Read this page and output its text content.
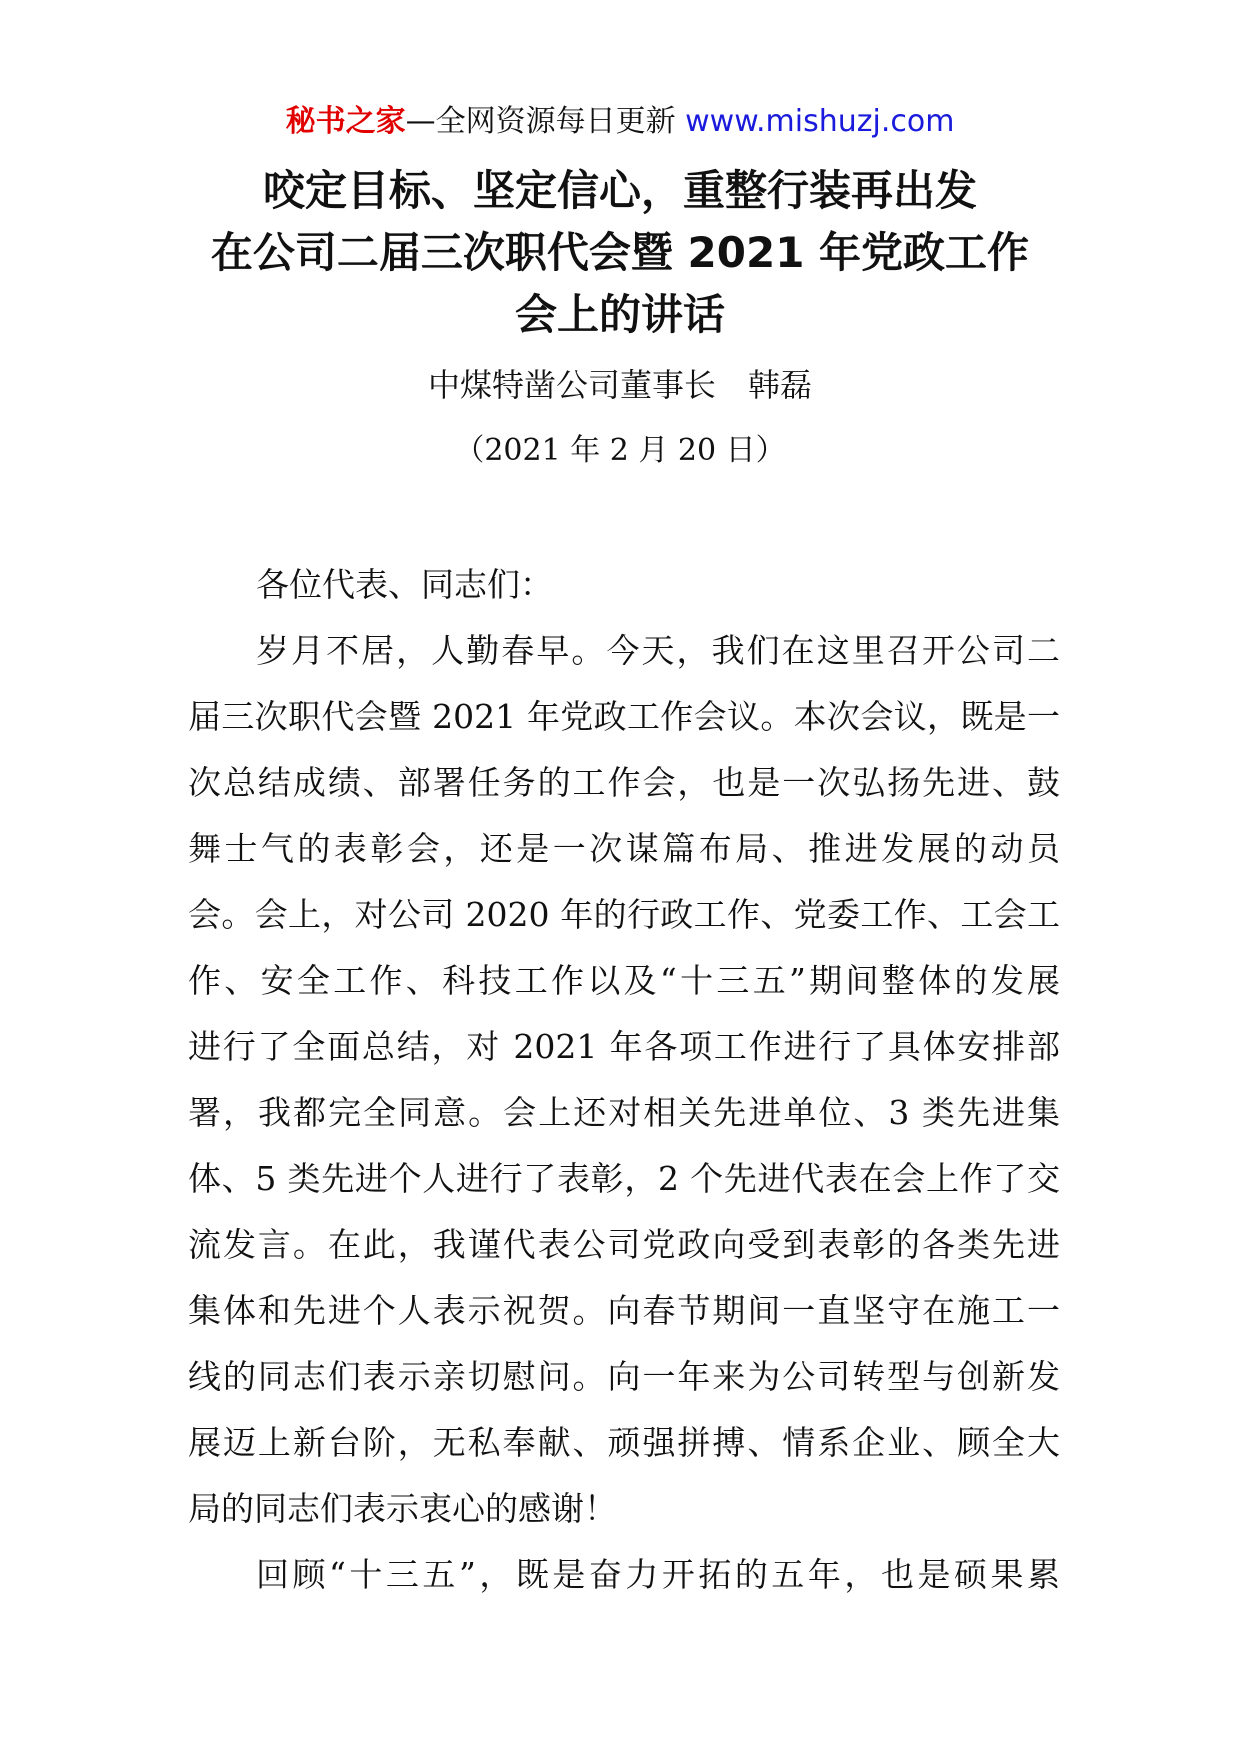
秘书之家—全网资源每日更新 www.mishuzj.com
咬定目标、坚定信心，重整行装再出发
在公司二届三次职代会暨 2021 年党政工作
会上的讲话
中煤特凿公司董事长　韩磊
（2021 年 2 月 20 日）
各位代表、同志们：
岁月不居，人勤春早。今天，我们在这里召开公司二
届三次职代会暨 2021 年党政工作会议。本次会议，既是一
次总结成绩、部署任务的工作会，也是一次弘扬先进、鼓
舞士气的表彰会，还是一次谋篇布局、推进发展的动员
会。会上，对公司 2020 年的行政工作、党委工作、工会工
作、安全工作、科技工作以及“十三五”期间整体的发展
进行了全面总结，对 2021 年各项工作进行了具体安排部
署，我都完全同意。会上还对相关先进单位、3 类先进集
体、5 类先进个人进行了表彰，2 个先进代表在会上作了交
流发言。在此，我谨代表公司党政向受到表彰的各类先进
集体和先进个人表示祝贺。向春节期间一直坚守在施工一
线的同志们表示亲切慰问。向一年来为公司转型与创新发
展迈上新台阶，无私奉献、顽强拼搏、情系企业、顾全大
局的同志们表示衷心的感谢！
回顾“十三五”，既是奋力开拓的五年，也是硕果累
